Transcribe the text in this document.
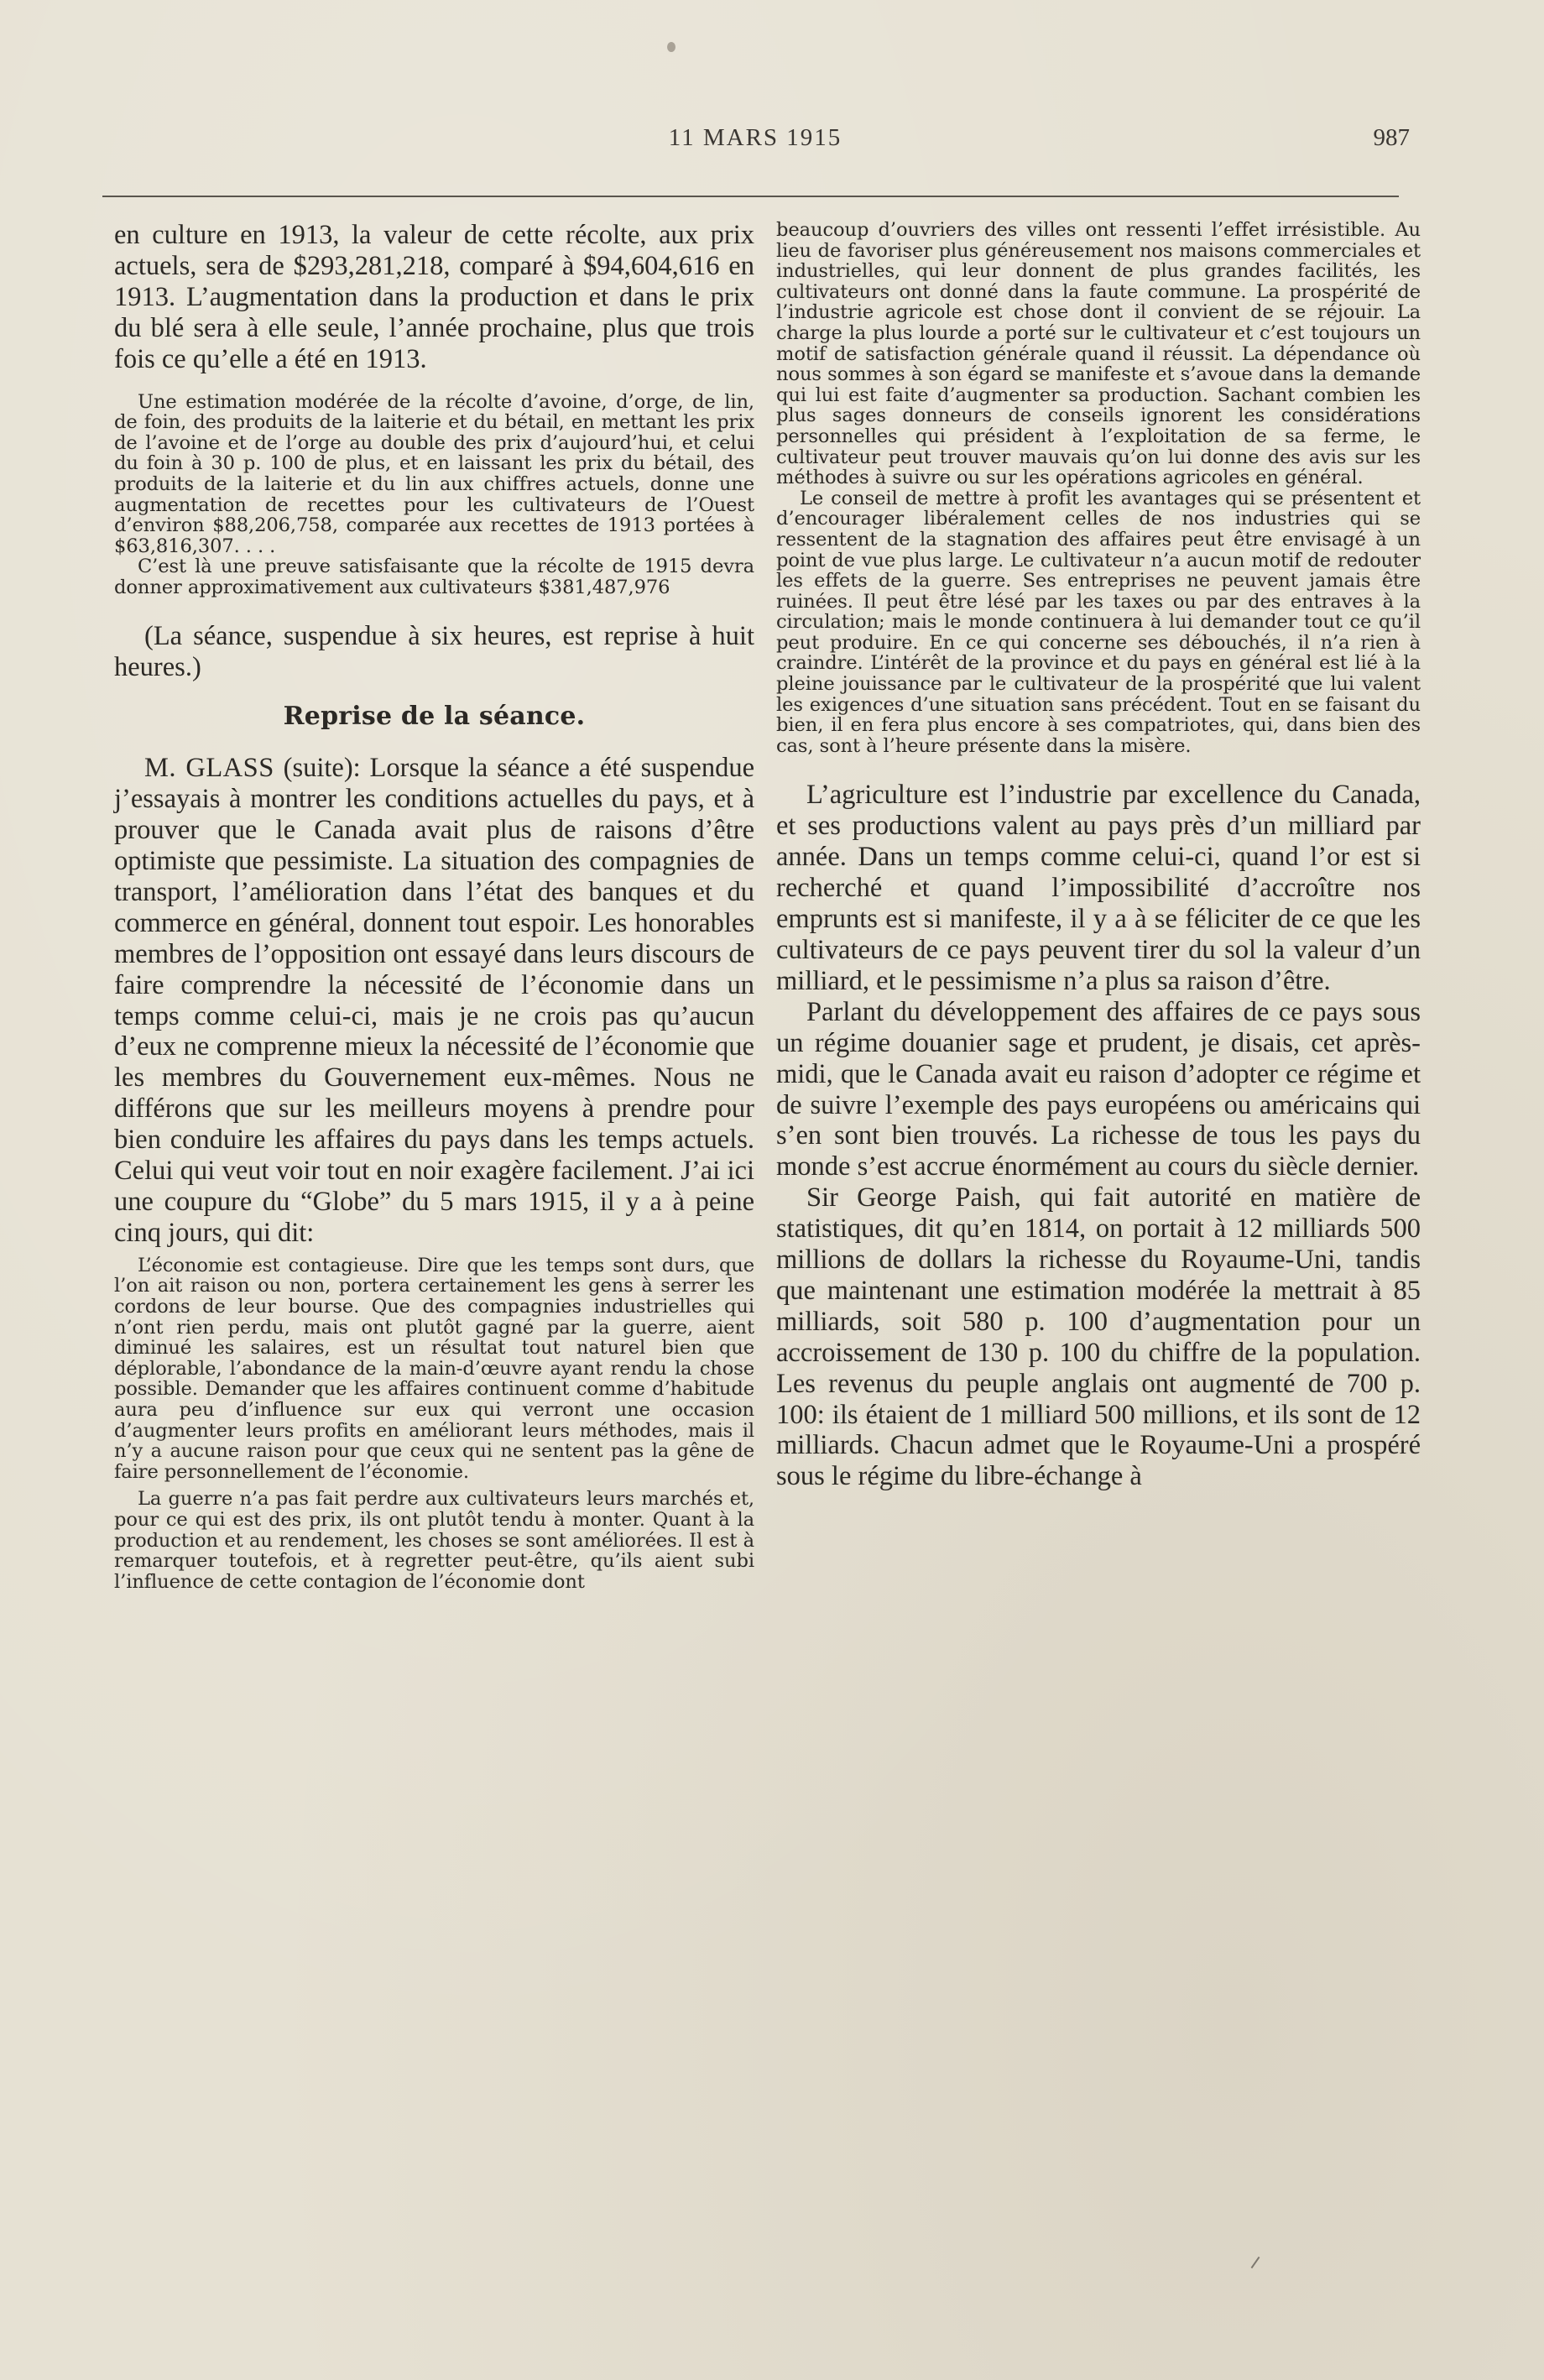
11 MARS 1915	987

en culture en 1913, la valeur de cette récolte, aux prix actuels, sera de $293,281,218, comparé à $94,604,616 en 1913. L’augmentation dans la production et dans le prix du blé sera à elle seule, l’année prochaine, plus que trois fois ce qu’elle a été en 1913.

Une estimation modérée de la récolte d’avoine, d’orge, de lin, de foin, des produits de la laiterie et du bétail, en mettant les prix de l’avoine et de l’orge au double des prix d’aujourd’hui, et celui du foin à 30 p. 100 de plus, et en laissant les prix du bétail, des produits de la laiterie et du lin aux chiffres actuels, donne une augmentation de recettes pour les cultivateurs de l’Ouest d’environ $88,206,758, comparée aux recettes de 1913 portées à $63,816,307. . . .

C’est là une preuve satisfaisante que la récolte de 1915 devra donner approximativement aux cultivateurs $381,487,976

(La séance, suspendue à six heures, est reprise à huit heures.)

Reprise de la séance.

M. GLASS (suite): Lorsque la séance a été suspendue j’essayais à montrer les conditions actuelles du pays, et à prouver que le Canada avait plus de raisons d’être optimiste que pessimiste. La situation des compagnies de transport, l’amélioration dans l’état des banques et du commerce en général, donnent tout espoir. Les honorables membres de l’opposition ont essayé dans leurs discours de faire comprendre la nécessité de l’économie dans un temps comme celui-ci, mais je ne crois pas qu’aucun d’eux ne comprenne mieux la nécessité de l’économie que les membres du Gouvernement eux-mêmes. Nous ne différons que sur les meilleurs moyens à prendre pour bien conduire les affaires du pays dans les temps actuels. Celui qui veut voir tout en noir exagère facilement. J’ai ici une coupure du “Globe” du 5 mars 1915, il y a à peine cinq jours, qui dit:

L’économie est contagieuse. Dire que les temps sont durs, que l’on ait raison ou non, portera certainement les gens à serrer les cordons de leur bourse. Que des compagnies industrielles qui n’ont rien perdu, mais ont plutôt gagné par la guerre, aient diminué les salaires, est un résultat tout naturel bien que déplorable, l’abondance de la main-d’œuvre ayant rendu la chose possible. Demander que les affaires continuent comme d’habitude aura peu d’influence sur eux qui verront une occasion d’augmenter leurs profits en améliorant leurs méthodes, mais il n’y a aucune raison pour que ceux qui ne sentent pas la gêne de faire personnellement de l’économie.

La guerre n’a pas fait perdre aux cultivateurs leurs marchés et, pour ce qui est des prix, ils ont plutôt tendu à monter. Quant à la production et au rendement, les choses se sont améliorées. Il est à remarquer toutefois, et à regretter peut-être, qu’ils aient subi l’influence de cette contagion de l’économie dont

beaucoup d’ouvriers des villes ont ressenti l’effet irrésistible. Au lieu de favoriser plus généreusement nos maisons commerciales et industrielles, qui leur donnent de plus grandes facilités, les cultivateurs ont donné dans la faute commune. La prospérité de l’industrie agricole est chose dont il convient de se réjouir. La charge la plus lourde a porté sur le cultivateur et c’est toujours un motif de satisfaction générale quand il réussit. La dépendance où nous sommes à son égard se manifeste et s’avoue dans la demande qui lui est faite d’augmenter sa production. Sachant combien les plus sages donneurs de conseils ignorent les considérations personnelles qui président à l’exploitation de sa ferme, le cultivateur peut trouver mauvais qu’on lui donne des avis sur les méthodes à suivre ou sur les opérations agricoles en général.

Le conseil de mettre à profit les avantages qui se présentent et d’encourager libéralement celles de nos industries qui se ressentent de la stagnation des affaires peut être envisagé à un point de vue plus large. Le cultivateur n’a aucun motif de redouter les effets de la guerre. Ses entreprises ne peuvent jamais être ruinées. Il peut être lésé par les taxes ou par des entraves à la circulation; mais le monde continuera à lui demander tout ce qu’il peut produire. En ce qui concerne ses débouchés, il n’a rien à craindre. L’intérêt de la province et du pays en général est lié à la pleine jouissance par le cultivateur de la prospérité que lui valent les exigences d’une situation sans précédent. Tout en se faisant du bien, il en fera plus encore à ses compatriotes, qui, dans bien des cas, sont à l’heure présente dans la misère.

L’agriculture est l’industrie par excellence du Canada, et ses productions valent au pays près d’un milliard par année. Dans un temps comme celui-ci, quand l’or est si recherché et quand l’impossibilité d’accroître nos emprunts est si manifeste, il y a à se féliciter de ce que les cultivateurs de ce pays peuvent tirer du sol la valeur d’un milliard, et le pessimisme n’a plus sa raison d’être.

Parlant du développement des affaires de ce pays sous un régime douanier sage et prudent, je disais, cet après-midi, que le Canada avait eu raison d’adopter ce régime et de suivre l’exemple des pays européens ou américains qui s’en sont bien trouvés. La richesse de tous les pays du monde s’est accrue énormément au cours du siècle dernier.

Sir George Paish, qui fait autorité en matière de statistiques, dit qu’en 1814, on portait à 12 milliards 500 millions de dollars la richesse du Royaume-Uni, tandis que maintenant une estimation modérée la mettrait à 85 milliards, soit 580 p. 100 d’augmentation pour un accroissement de 130 p. 100 du chiffre de la population. Les revenus du peuple anglais ont augmenté de 700 p. 100: ils étaient de 1 milliard 500 millions, et ils sont de 12 milliards. Chacun admet que le Royaume-Uni a prospéré sous le régime du libre-échange à
